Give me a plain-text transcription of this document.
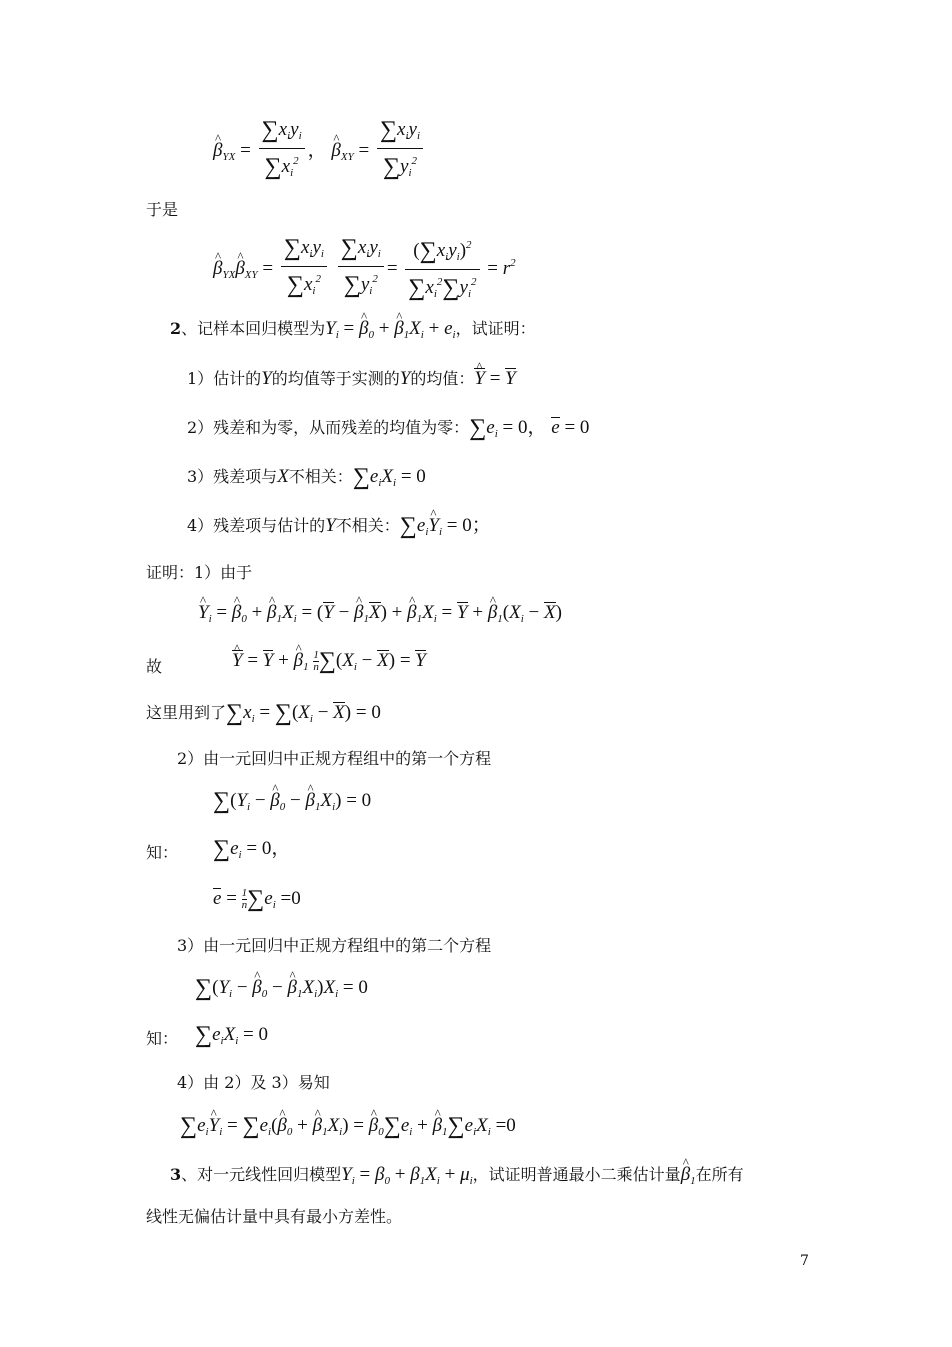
^ $\beta_{YX} = \frac{\sum x_iy_i}{\sum x_i^2}$ ， ^ $\beta_{XY} = \frac{\sum x_iy_i}{\sum y_i^2}$
于是
^ $\beta_{YX}\^{}$ $\beta_{XY} = \frac{\sum x_iy_i}{\sum x_i^2}$
$\frac{\sum x_iy_i}{\sum y_i^2} = \frac{(\sum x_iy_i)^2}{\sum x_i^2\sum y_i^2} = r^2$
2、记样本回归模型为$Y_i$ = ^ $\beta_0$ + ^ $\beta_1X_i + e_i$，试证明：
1）估计的Y的均值等于实测的Y的均值：^ Y = Y
2）残差和为零，从而残差的均值为零：$\sum e_i = 0$， e = 0
3）残差项与X不相关：$\sum e_iX_i = 0$
4）残差项与估计的Y不相关：$\sum e_i\^{}$ $Y_i = 0$；
证明：1）由于
^ $Y_i$ = ^ $\beta_0$ + ^ $\beta_1X_i = (Y$ − ^ $\beta_1X$) + ^ $\beta_1X_i = Y$ + ^ $\beta_1(X_i - X)$
故	^ Y = Y + ^ $\beta_1 \frac{1}{n} \sum(X_i - X) = Y$
这里用到了$\sum x_i = \sum(X_i - X) = 0$
2）由一元回归中正规方程组中的第一个方程
$\sum(Y_i$ − ^ $\beta_0$ − ^ $\beta_1X_i) = 0$
知： $\sum e_i = 0$，
$e = \frac{1}{n} \sum e_i =0$
3）由一元回归中正规方程组中的第二个方程
$\sum(Y_i$ − ^ $\beta_0$ − ^ $\beta_1X_i)X_i = 0$
知： $\sum e_iX_i = 0$
4）由 2）及 3）易知
$\sum e_i\^{}$ $Y_i$ = $\sum e_i(\^{}$ $\beta_0$ + ^ $\beta_1X_i$) = ^ $\beta_0\sum e_i$ + ^ $\beta_1\sum e_iX_i =0$
3、对一元线性回归模型$Y_i = \beta_0 + \beta_1X_i + \mu_i$，试证明普通最小二乘估计量^ $\beta_1$在所有
线性无偏估计量中具有最小方差性。
7
